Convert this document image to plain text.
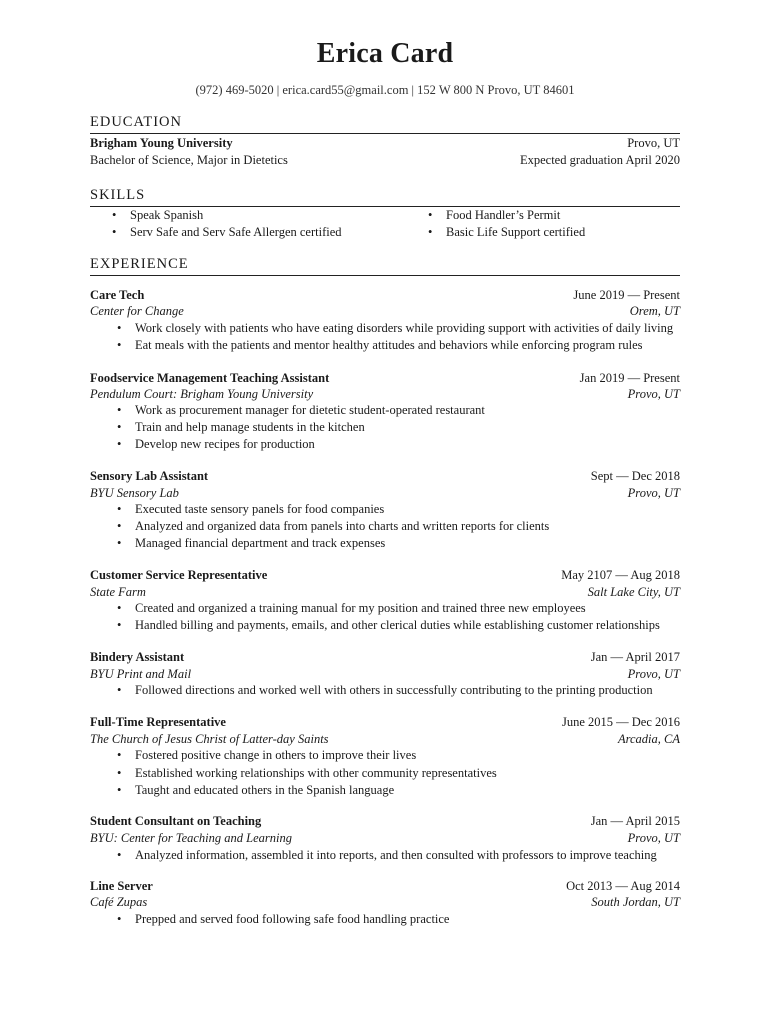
Erica Card
(972) 469-5020 | erica.card55@gmail.com | 152 W 800 N Provo, UT 84601
EDUCATION
Brigham Young University	Provo, UT
Bachelor of Science, Major in Dietetics	Expected graduation April 2020
SKILLS
• Speak Spanish
• Serv Safe and Serv Safe Allergen certified
• Food Handler’s Permit
• Basic Life Support certified
EXPERIENCE
Care Tech	June 2019 — Present
Center for Change	Orem, UT
• Work closely with patients who have eating disorders while providing support with activities of daily living
• Eat meals with the patients and mentor healthy attitudes and behaviors while enforcing program rules
Foodservice Management Teaching Assistant	Jan 2019 — Present
Pendulum Court: Brigham Young University	Provo, UT
• Work as procurement manager for dietetic student-operated restaurant
• Train and help manage students in the kitchen
• Develop new recipes for production
Sensory Lab Assistant	Sept — Dec 2018
BYU Sensory Lab	Provo, UT
• Executed taste sensory panels for food companies
• Analyzed and organized data from panels into charts and written reports for clients
• Managed financial department and track expenses
Customer Service Representative	May 2107 — Aug 2018
State Farm	Salt Lake City, UT
• Created and organized a training manual for my position and trained three new employees
• Handled billing and payments, emails, and other clerical duties while establishing customer relationships
Bindery Assistant	Jan — April 2017
BYU Print and Mail	Provo, UT
• Followed directions and worked well with others in successfully contributing to the printing production
Full-Time Representative	June 2015 — Dec 2016
The Church of Jesus Christ of Latter-day Saints	Arcadia, CA
• Fostered positive change in others to improve their lives
• Established working relationships with other community representatives
• Taught and educated others in the Spanish language
Student Consultant on Teaching	Jan — April 2015
BYU: Center for Teaching and Learning	Provo, UT
• Analyzed information, assembled it into reports, and then consulted with professors to improve teaching
Line Server	Oct 2013 — Aug 2014
Café Zupas	South Jordan, UT
• Prepped and served food following safe food handling practice
